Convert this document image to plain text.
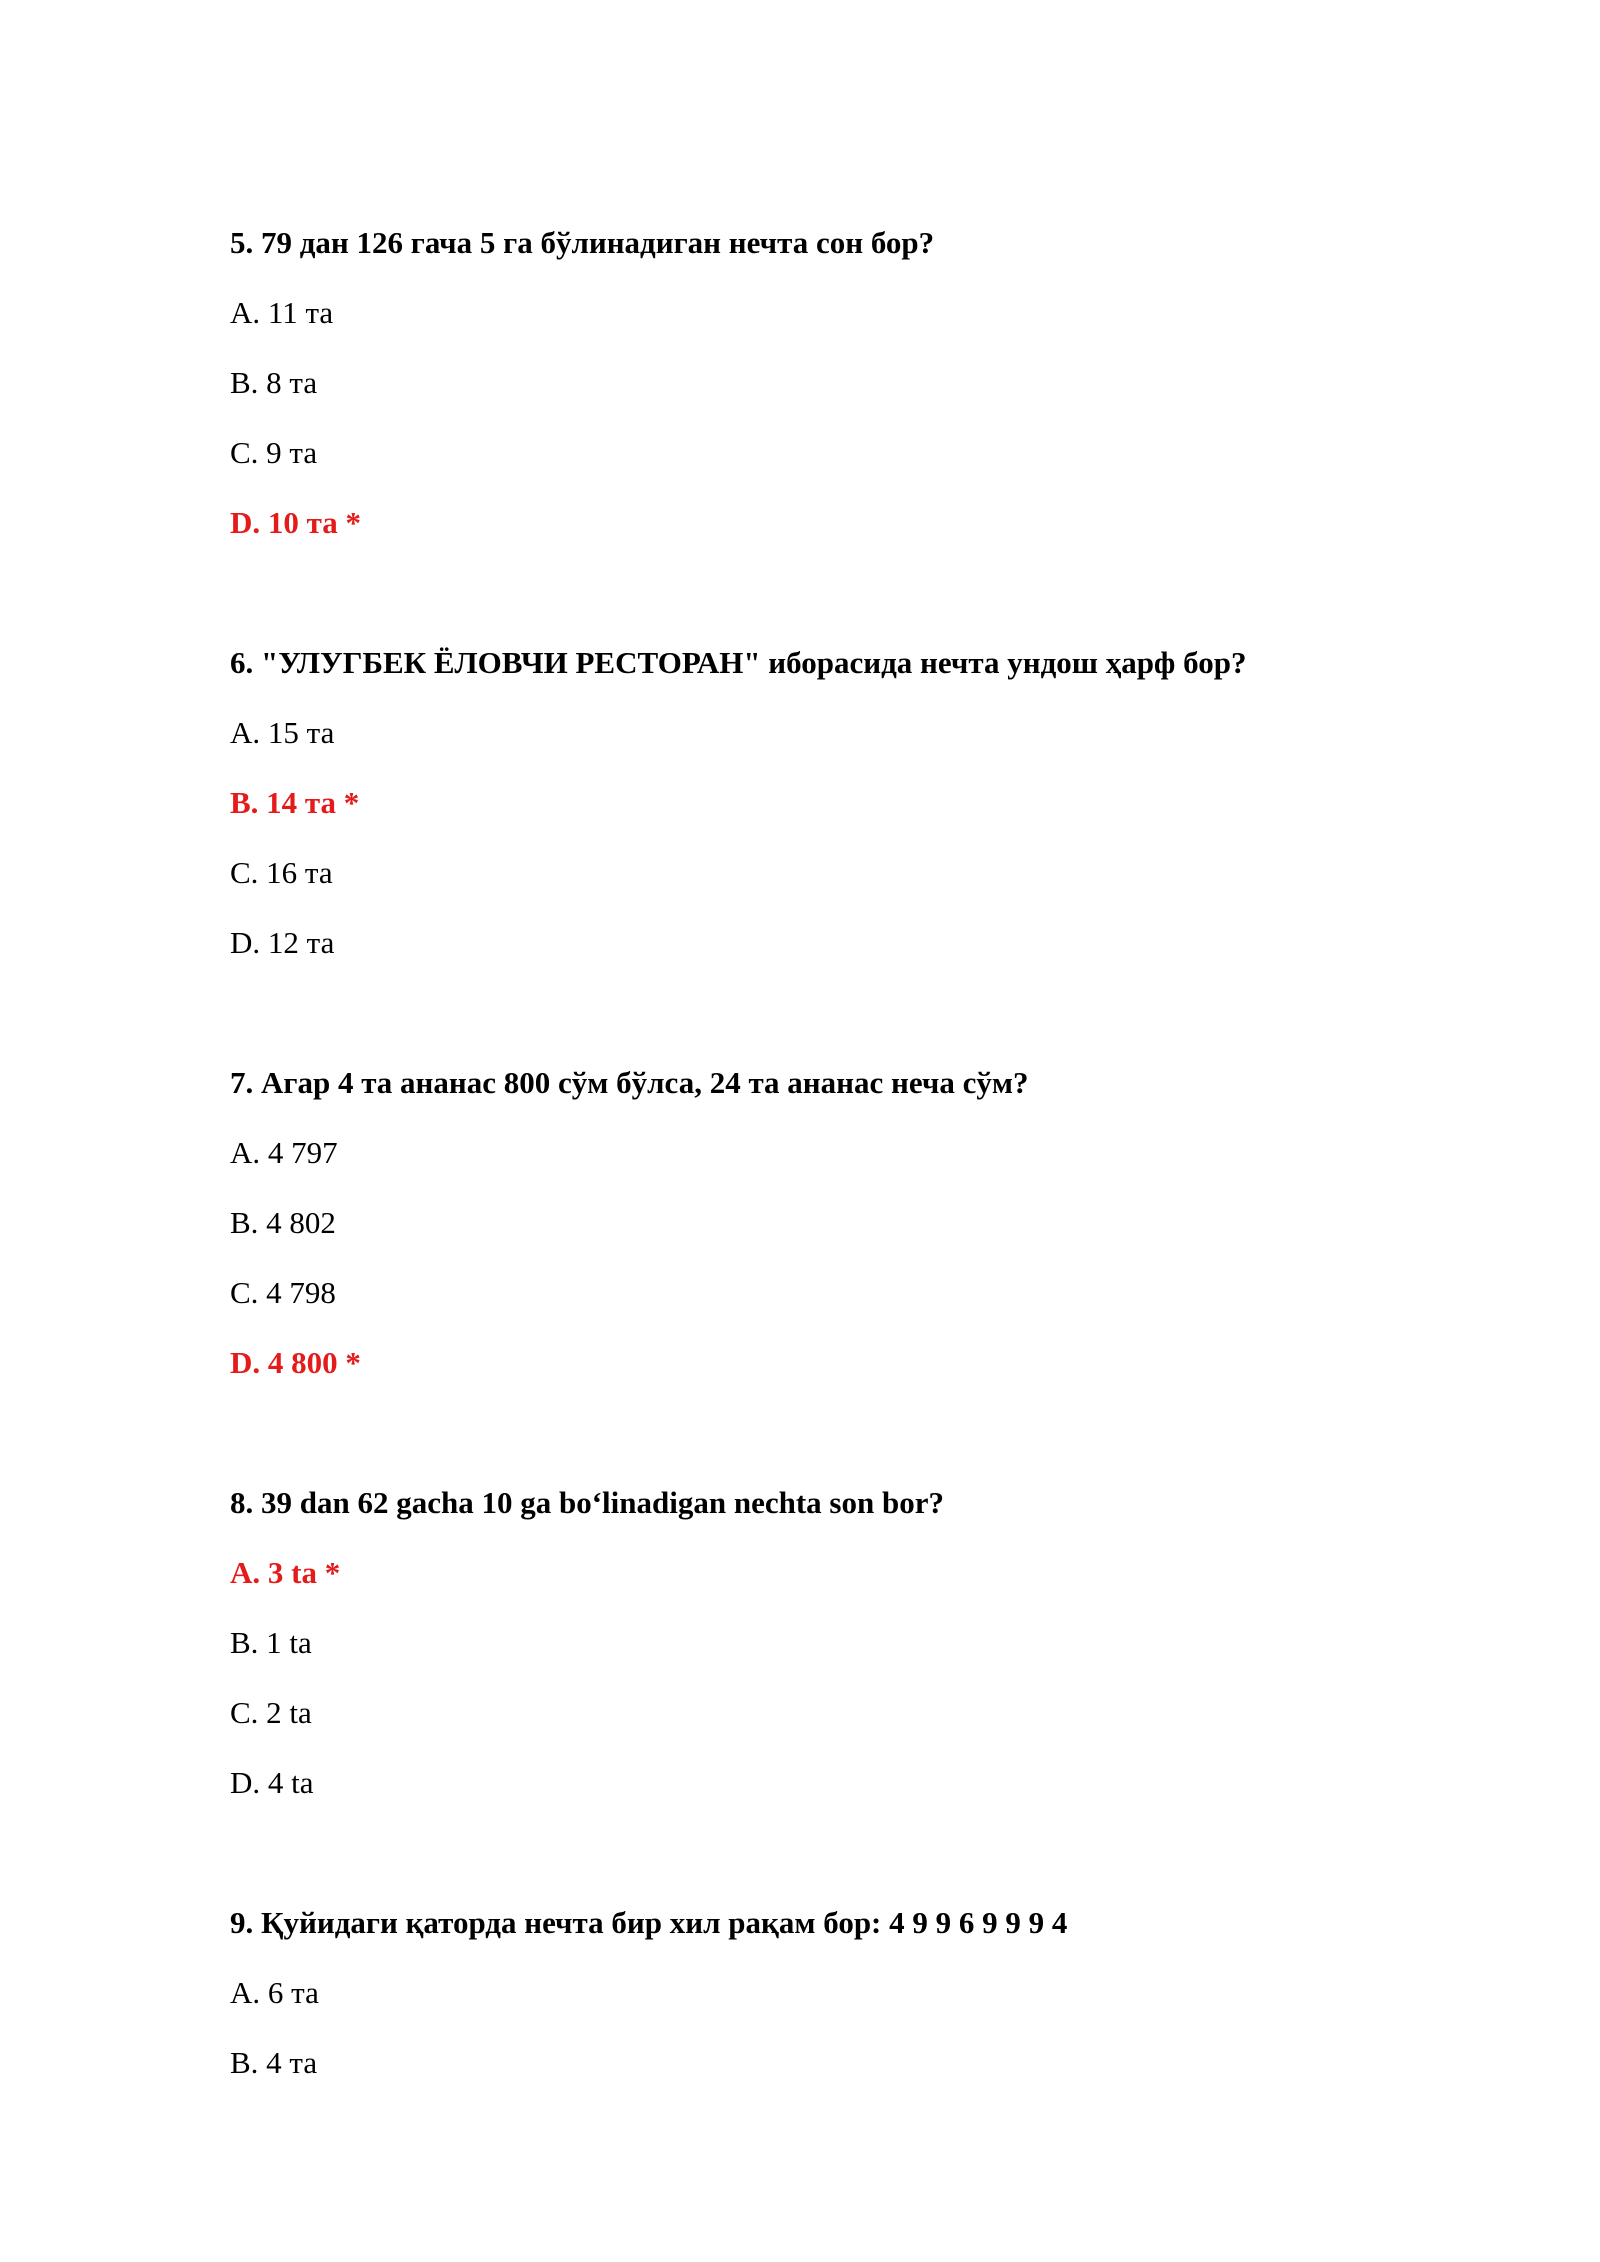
5. 79 дан 126 гача 5 га бўлинадиган нечта сон бор?
A. 11 та
B. 8 та
C. 9 та
D. 10 та *
6. "УЛУГБЕК ЁЛОВЧИ РЕСТОРАН" иборасида нечта ундош ҳарф бор?
A. 15 та
B. 14 та *
C. 16 та
D. 12 та
7. Агар 4 та ананас 800 сўм бўлса, 24 та ананас неча сўм?
A. 4 797
B. 4 802
C. 4 798
D. 4 800 *
8. 39 dan 62 gacha 10 ga bo‘linadigan nechta son bor?
A. 3 ta *
B. 1 ta
C. 2 ta
D. 4 ta
9. Қуйидаги қаторда нечта бир хил рақам бор: 4 9 9 6 9 9 9 4
A. 6 та
B. 4 та
